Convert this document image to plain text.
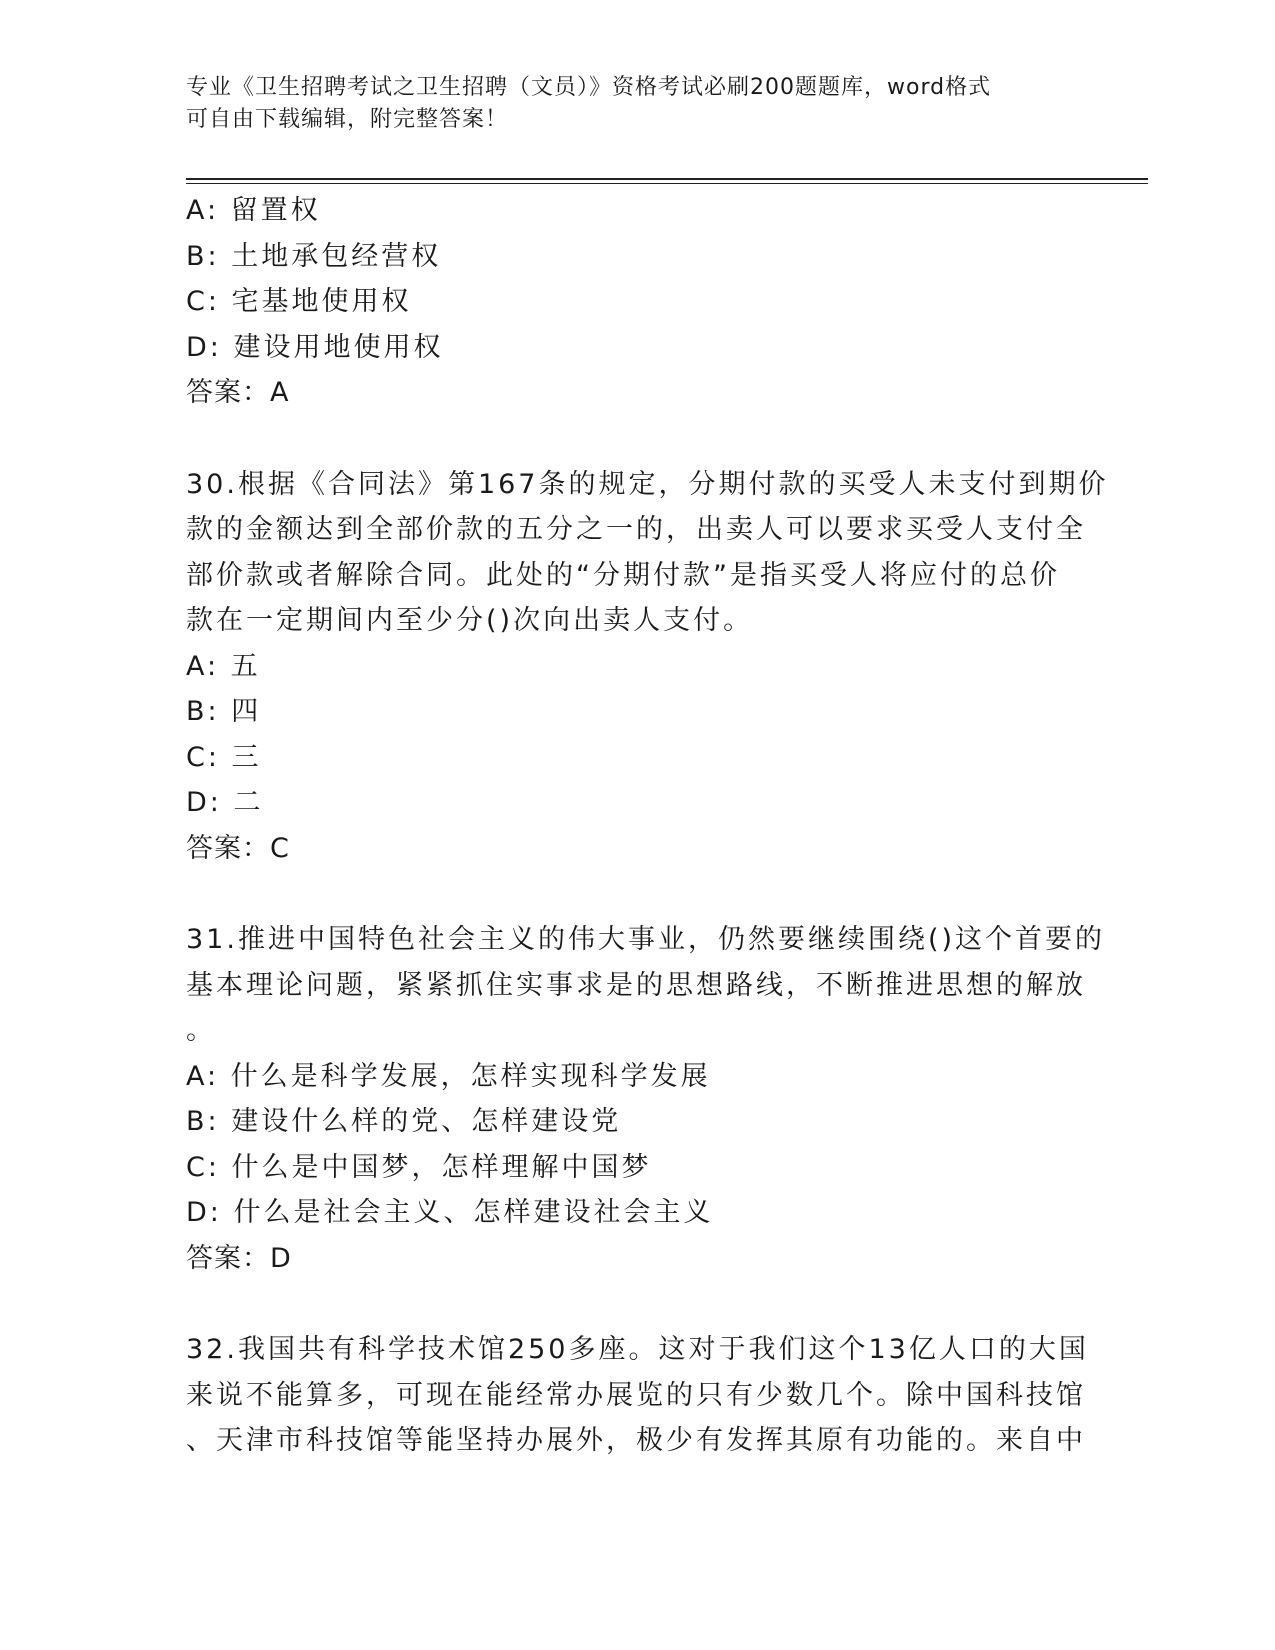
专业《卫生招聘考试之卫生招聘（文员）》资格考试必刷200题题库，word格式
可自由下载编辑，附完整答案！
A: 留置权
B: 土地承包经营权
C: 宅基地使用权
D: 建设用地使用权
答案：A
30.根据《合同法》第167条的规定，分期付款的买受人未支付到期价
款的金额达到全部价款的五分之一的，出卖人可以要求买受人支付全
部价款或者解除合同。此处的“分期付款”是指买受人将应付的总价
款在一定期间内至少分()次向出卖人支付。
A: 五
B: 四
C: 三
D: 二
答案：C
31.推进中国特色社会主义的伟大事业，仍然要继续围绕()这个首要的
基本理论问题，紧紧抓住实事求是的思想路线，不断推进思想的解放
。
A: 什么是科学发展，怎样实现科学发展
B: 建设什么样的党、怎样建设党
C: 什么是中国梦，怎样理解中国梦
D: 什么是社会主义、怎样建设社会主义
答案：D
32.我国共有科学技术馆250多座。这对于我们这个13亿人口的大国
来说不能算多，可现在能经常办展览的只有少数几个。除中国科技馆
、天津市科技馆等能坚持办展外，极少有发挥其原有功能的。来自中
